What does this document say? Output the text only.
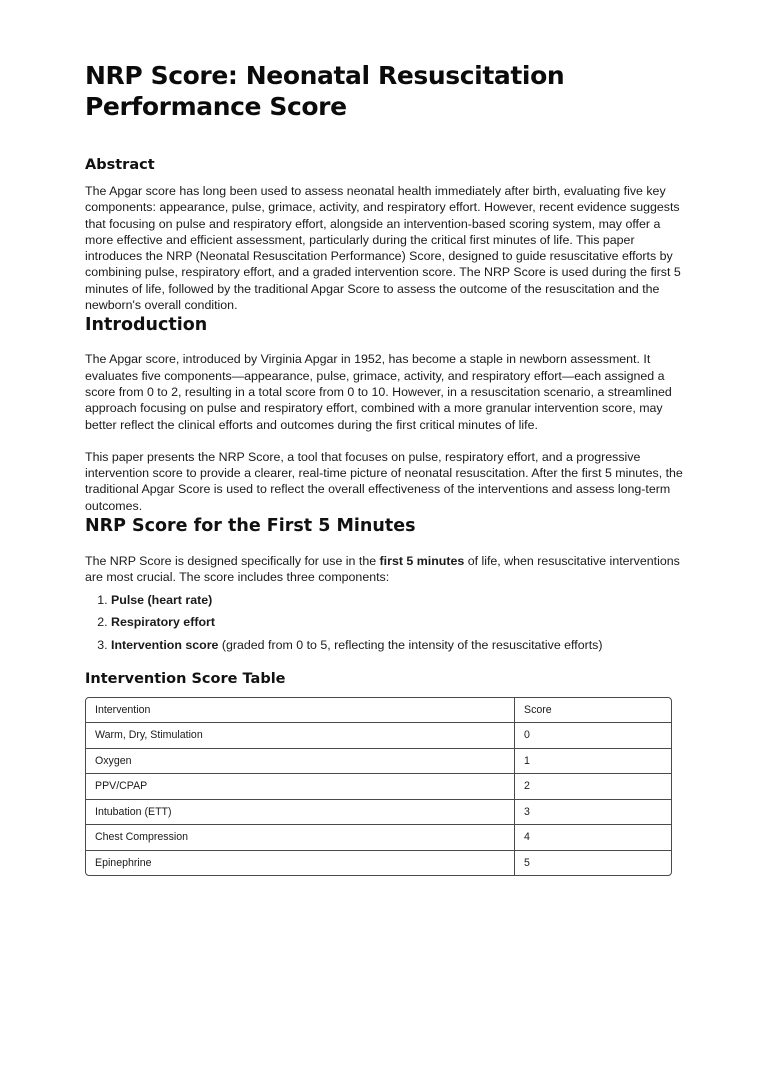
NRP Score: Neonatal Resuscitation
Performance Score
Abstract

The Apgar score has long been used to assess neonatal health immediately after birth, evaluating five key components: appearance, pulse, grimace, activity, and respiratory effort. However, recent evidence suggests that focusing on pulse and respiratory effort, alongside an intervention-based scoring system, may offer a more effective and efficient assessment, particularly during the critical first minutes of life. This paper introduces the NRP (Neonatal Resuscitation Performance) Score, designed to guide resuscitative efforts by combining pulse, respiratory effort, and a graded intervention score. The NRP Score is used during the first 5 minutes of life, followed by the traditional Apgar Score to assess the outcome of the resuscitation and the newborn's overall condition.

Introduction

The Apgar score, introduced by Virginia Apgar in 1952, has become a staple in newborn assessment. It evaluates five components—appearance, pulse, grimace, activity, and respiratory effort—each assigned a score from 0 to 2, resulting in a total score from 0 to 10. However, in a resuscitation scenario, a streamlined approach focusing on pulse and respiratory effort, combined with a more granular intervention score, may better reflect the clinical efforts and outcomes during the first critical minutes of life.

This paper presents the NRP Score, a tool that focuses on pulse, respiratory effort, and a progressive intervention score to provide a clearer, real-time picture of neonatal resuscitation. After the first 5 minutes, the traditional Apgar Score is used to reflect the overall effectiveness of the interventions and assess long-term outcomes.

NRP Score for the First 5 Minutes

The NRP Score is designed specifically for use in the first 5 minutes of life, when resuscitative interventions are most crucial. The score includes three components:

1. Pulse (heart rate)
2. Respiratory effort
3. Intervention score (graded from 0 to 5, reflecting the intensity of the resuscitative efforts)
Intervention Score Table
Intervention	Score
Warm, Dry, Stimulation	0
Oxygen	1
PPV/CPAP	2
Intubation (ETT)	3
Chest Compression	4
Epinephrine	5
